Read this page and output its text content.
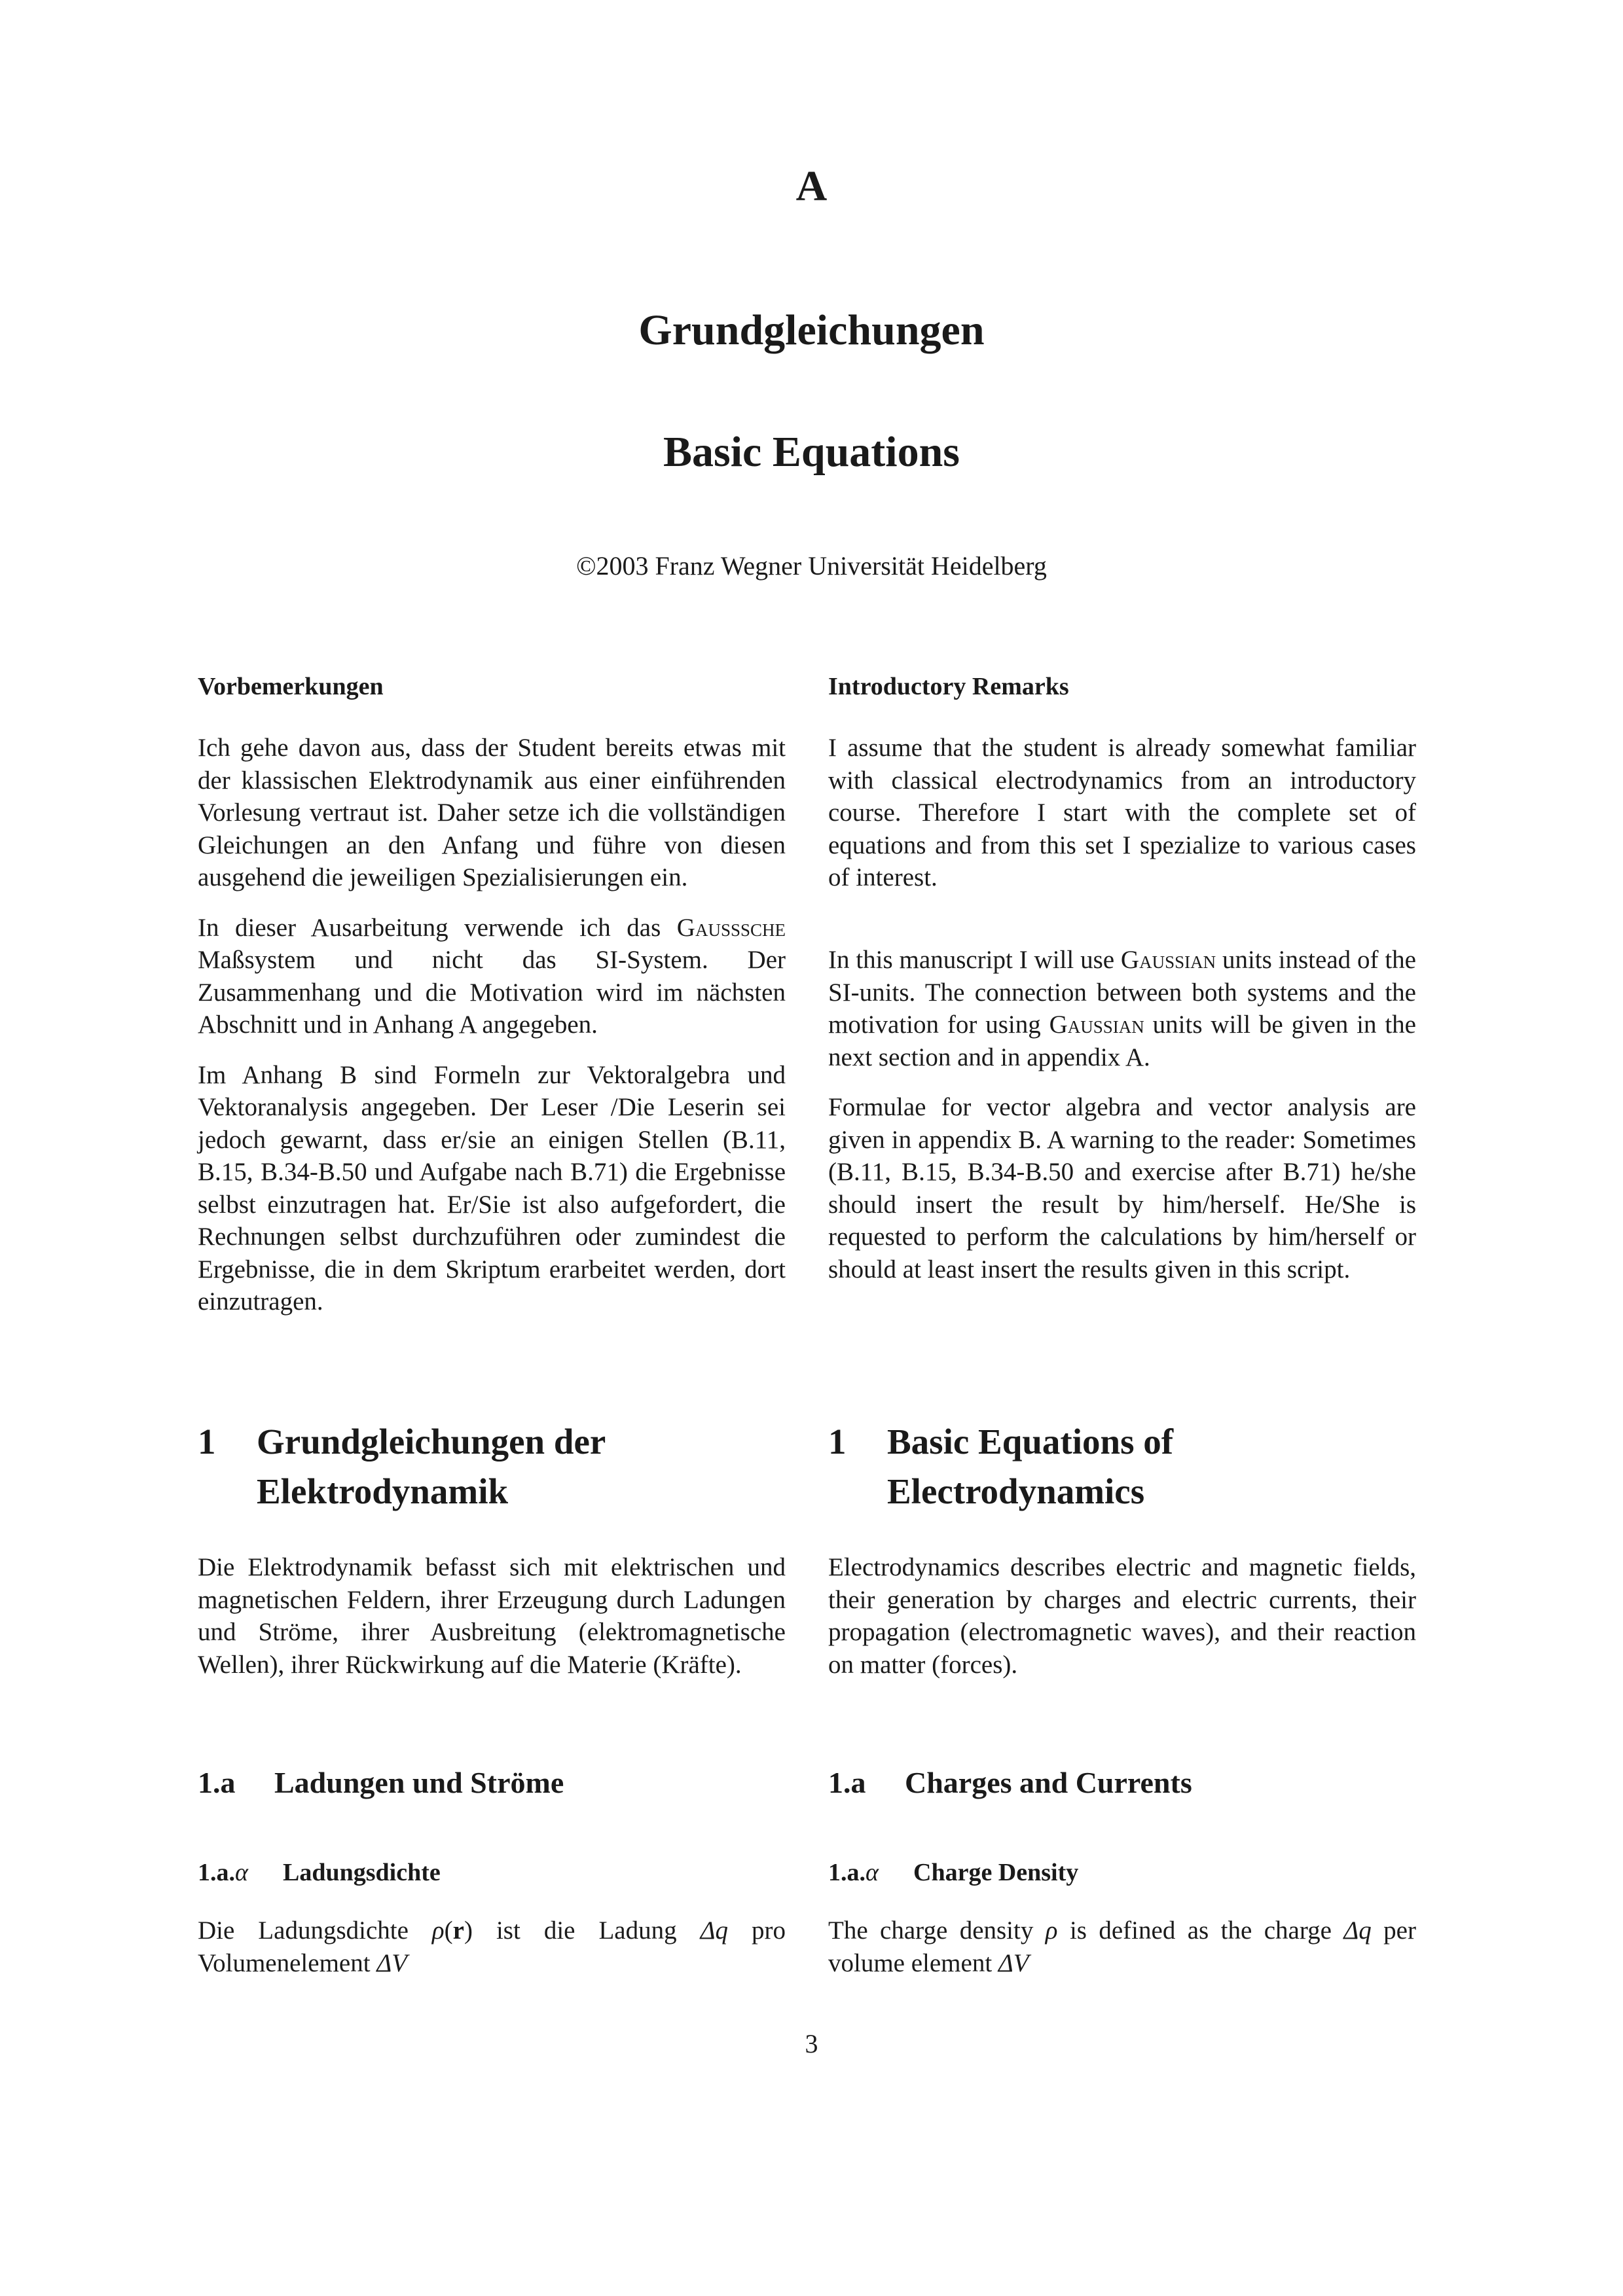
A
Grundgleichungen
Basic Equations
©2003 Franz Wegner Universität Heidelberg
Vorbemerkungen	Introductory Remarks

Ich gehe davon aus, dass der Student bereits etwas mit der klassischen Elektrodynamik aus einer einführenden Vorlesung vertraut ist. Daher setze ich die vollständigen Gleichungen an den Anfang und führe von diesen ausgehend die jeweiligen Spezialisierungen ein.

In dieser Ausarbeitung verwende ich das Gausssche Maßsystem und nicht das SI-System. Der Zusammenhang und die Motivation wird im nächsten Abschnitt und in Anhang A angegeben.

Im Anhang B sind Formeln zur Vektoralgebra und Vektoranalysis angegeben. Der Leser /Die Leserin sei jedoch gewarnt, dass er/sie an einigen Stellen (B.11, B.15, B.34-B.50 und Aufgabe nach B.71) die Ergebnisse selbst einzutragen hat. Er/Sie ist also aufgefordert, die Rechnungen selbst durchzuführen oder zumindest die Ergebnisse, die in dem Skriptum erarbeitet werden, dort einzutragen.

I assume that the student is already somewhat familiar with classical electrodynamics from an introductory course. Therefore I start with the complete set of equations and from this set I spezialize to various cases of interest.

In this manuscript I will use Gaussian units instead of the SI-units. The connection between both systems and the motivation for using Gaussian units will be given in the next section and in appendix A.

Formulae for vector algebra and vector analysis are given in appendix B. A warning to the reader: Sometimes (B.11, B.15, B.34-B.50 and exercise after B.71) he/she should insert the result by him/herself. He/She is requested to perform the calculations by him/herself or should at least insert the results given in this script.

1 Grundgleichungen der Elektrodynamik
1 Basic Equations of Electrodynamics

Die Elektrodynamik befasst sich mit elektrischen und magnetischen Feldern, ihrer Erzeugung durch Ladungen und Ströme, ihrer Ausbreitung (elektromagnetische Wellen), ihrer Rückwirkung auf die Materie (Kräfte).

Electrodynamics describes electric and magnetic fields, their generation by charges and electric currents, their propagation (electromagnetic waves), and their reaction on matter (forces).

1.a Ladungen und Ströme	1.a Charges and Currents
1.a.α Ladungsdichte	1.a.α Charge Density

Die Ladungsdichte ρ(r) ist die Ladung Δq pro Volumenelement ΔV

The charge density ρ is defined as the charge Δq per volume element ΔV

3
